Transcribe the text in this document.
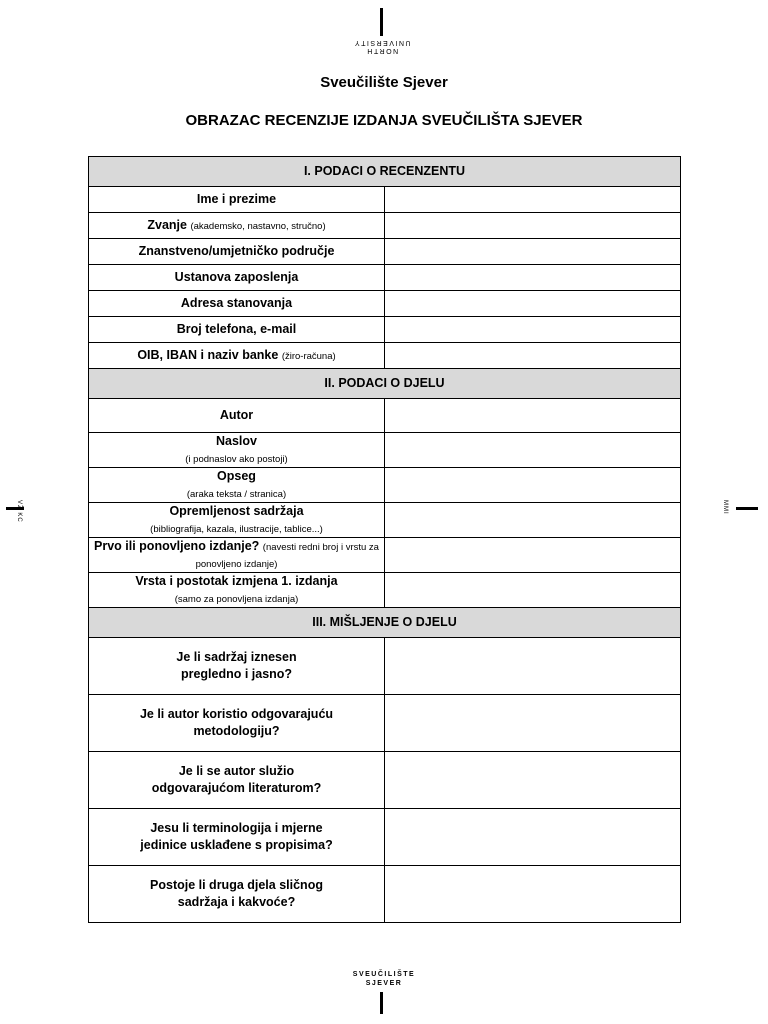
NORTH
UNIVERSITY
VŽ KC	MMI
SVEUČILIŠTE
SJEVER
Sveučilište Sjever
OBRAZAC RECENZIJE IZDANJA SVEUČILIŠTA SJEVER
I. PODACI O RECENZENTU	
Ime i prezime	
Zvanje (akademsko, nastavno, stručno)	
Znanstveno/umjetničko područje	
Ustanova zaposlenja	
Adresa stanovanja	
Broj telefona, e-mail	
OIB, IBAN i naziv banke (žiro-računa)	
II. PODACI O DJELU	
Autor	
Naslov
(i podnaslov ako postoji)	
Opseg
(araka teksta / stranica)	
Opremljenost sadržaja
(bibliografija, kazala, ilustracije, tablice...)	
Prvo ili ponovljeno izdanje? (navesti redni broj i vrstu za ponovljeno izdanje)	
Vrsta i postotak izmjena 1. izdanja
(samo za ponovljena izdanja)	
III. MIŠLJENJE O DJELU	
Je li sadržaj iznesen
pregledno i jasno?	
Je li autor koristio odgovarajuću
metodologiju?	
Je li se autor služio
odgovarajućom literaturom?	
Jesu li terminologija i mjerne
jedinice usklađene s propisima?	
Postoje li druga djela sličnog
sadržaja i kakvoće?	
